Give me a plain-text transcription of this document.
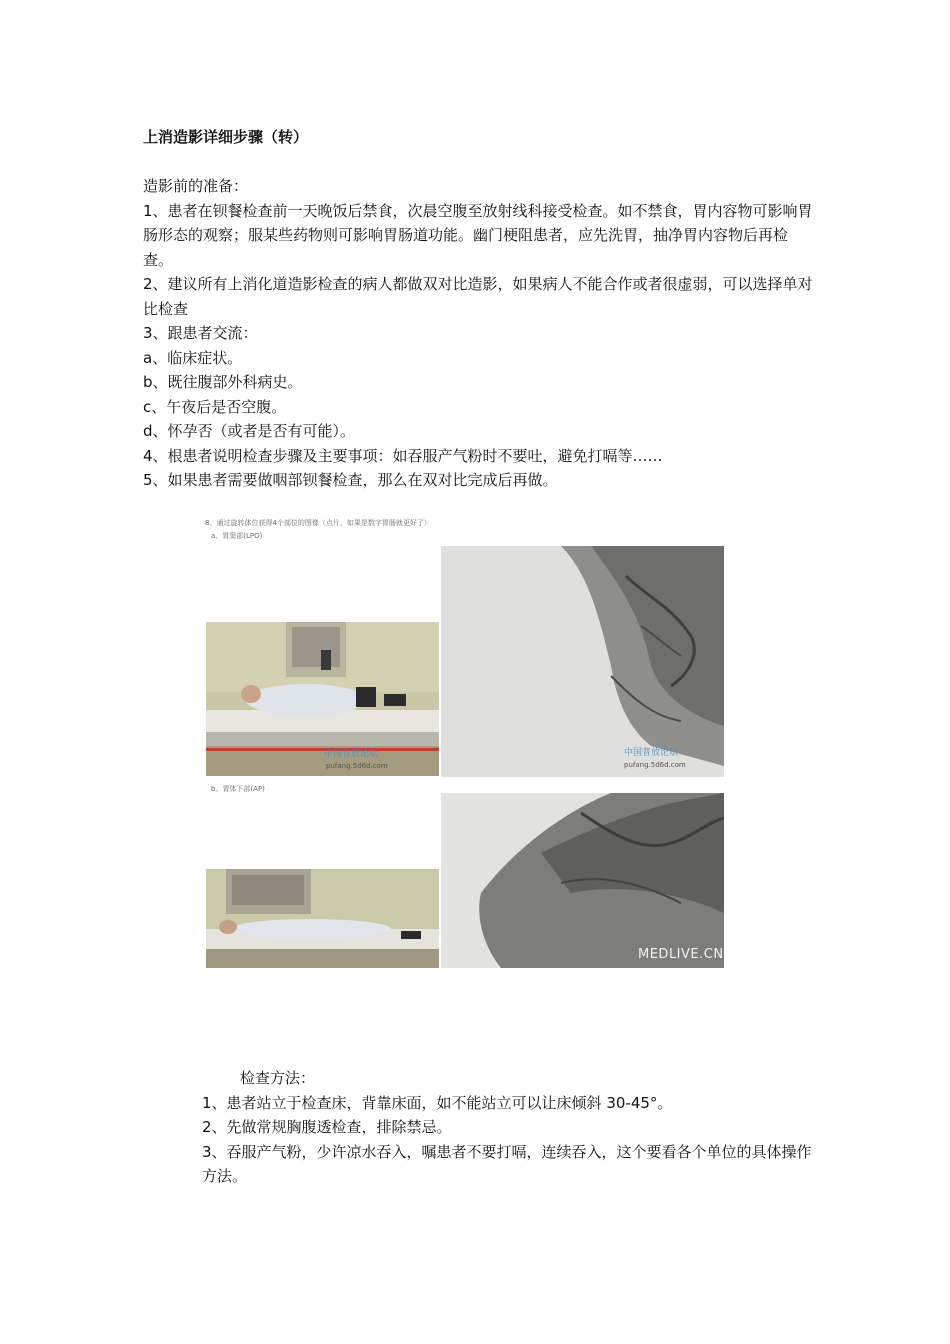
上消造影详细步骤（转）
造影前的准备：
1、患者在钡餐检查前一天晚饭后禁食，次晨空腹至放射线科接受检查。如不禁食，胃内容物可影响胃肠形态的观察；服某些药物则可影响胃肠道功能。幽门梗阻患者，应先洗胃，抽净胃内容物后再检查。
2、建议所有上消化道造影检查的病人都做双对比造影，如果病人不能合作或者很虚弱，可以选择单对比检查
3、跟患者交流：
a、临床症状。
b、既往腹部外科病史。
c、午夜后是否空腹。
d、怀孕否（或者是否有可能）。
4、根患者说明检查步骤及主要事项：如吞服产气粉时不要吐，避免打嗝等……
5、如果患者需要做咽部钡餐检查，那么在双对比完成后再做。
8、通过旋转体位获得4个部位的图像（点片，如果是数字胃肠就更好了）
a、胃窦部(LPO)
中国普放论坛
pufang.5d6d.com
中国普放论坛
pufang.5d6d.com
b、胃体下部(AP)
MEDLIVE.CN
检查方法：
1、患者站立于检查床，背靠床面，如不能站立可以让床倾斜 30-45°。
2、先做常规胸腹透检查，排除禁忌。
3、吞服产气粉，少许凉水吞入，嘱患者不要打嗝，连续吞入，这个要看各个单位的具体操作方法。
